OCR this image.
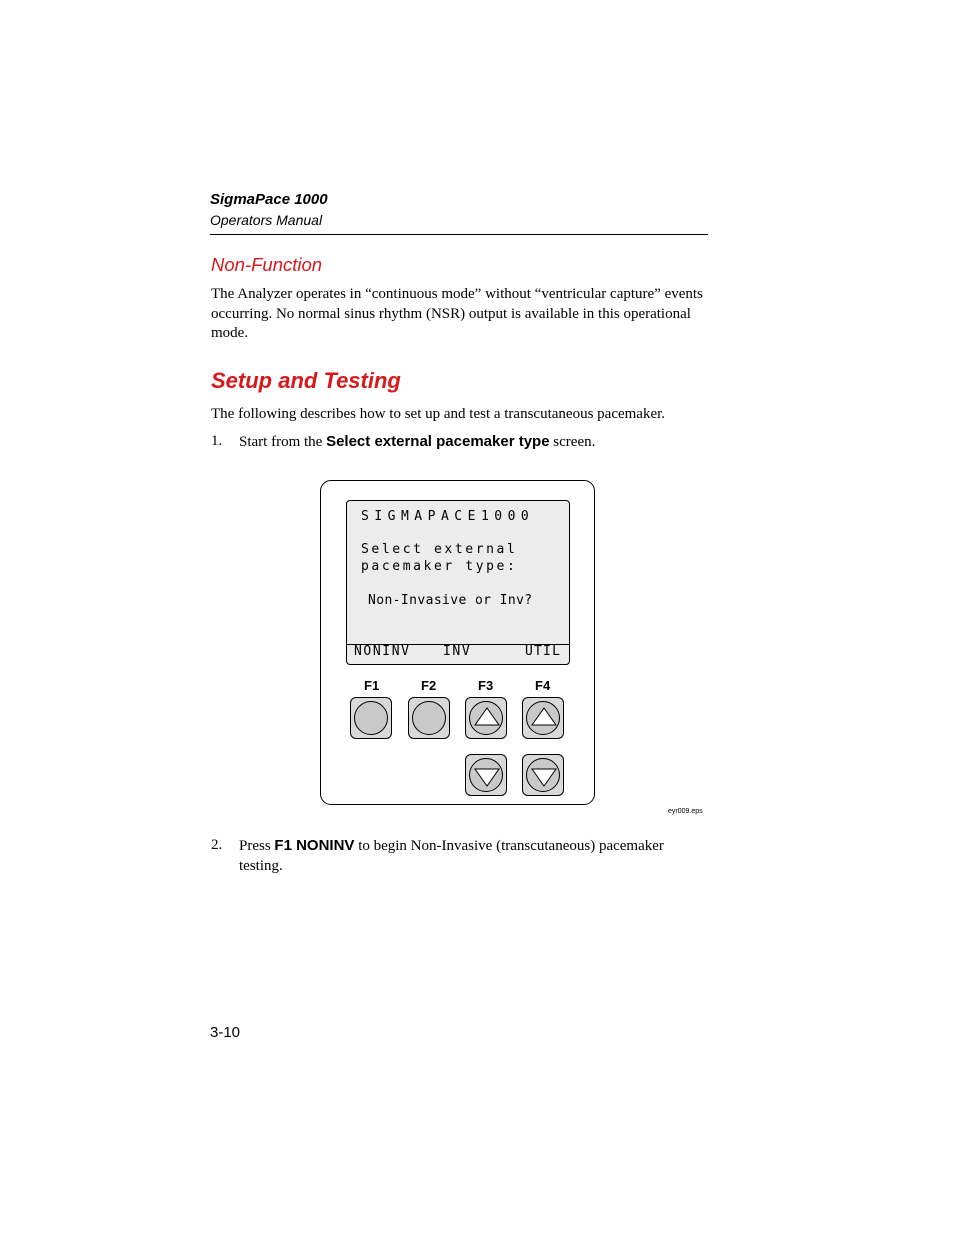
SigmaPace 1000
Operators Manual
Non-Function
The Analyzer operates in “continuous mode” without “ventricular capture” events occurring. No normal sinus rhythm (NSR) output is available in this operational mode.
Setup and Testing
The following describes how to set up and test a transcutaneous pacemaker.
1. Start from the Select external pacemaker type screen.
SIGMAPACE1000
Select external
pacemaker type:
Non-Invasive or Inv?
NONINV INV	UTIL
F1	F2	F3	F4
eyr009.eps
2. Press F1 NONINV to begin Non-Invasive (transcutaneous) pacemaker testing.
3-10
